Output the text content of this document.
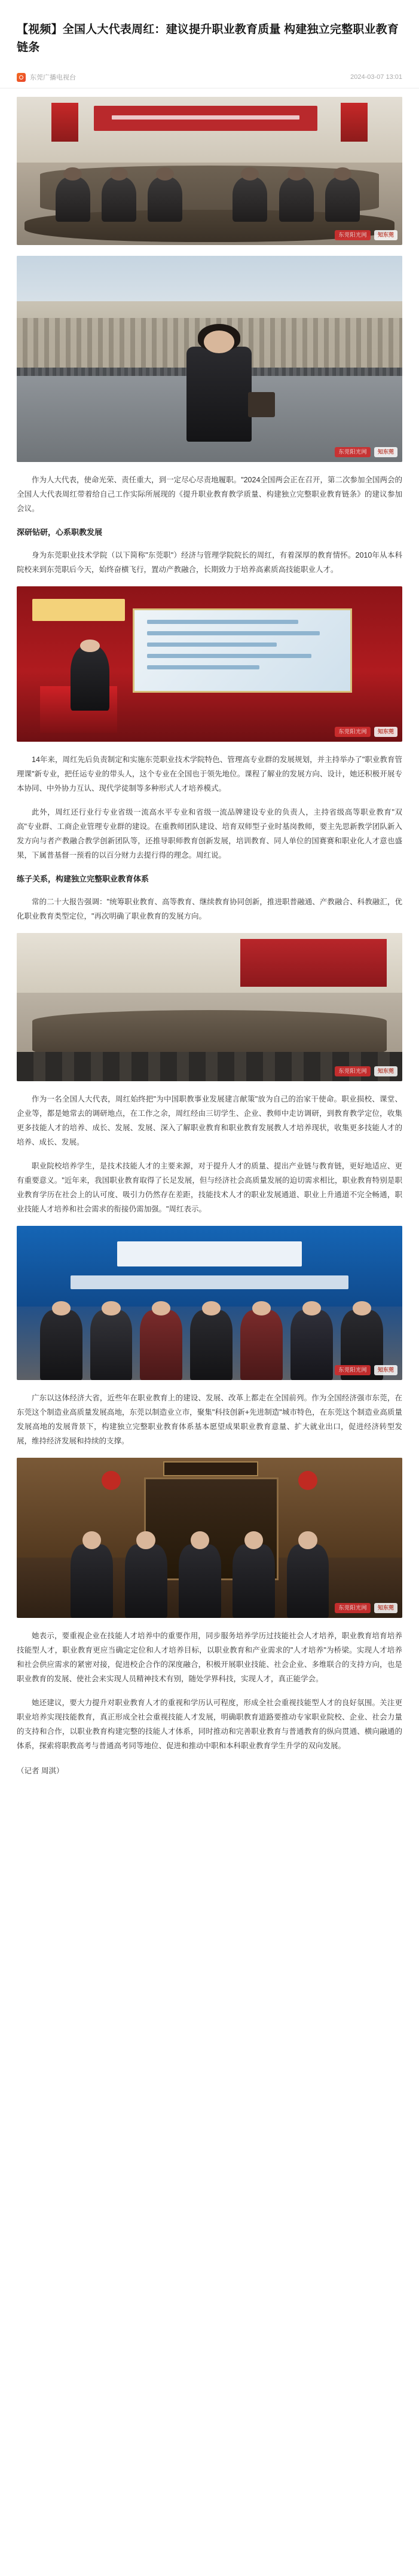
【视频】全国人大代表周红：建议提升职业教育质量 构建独立完整职业教育链条
东莞广播电视台	2024-03-07 13:01
东莞阳光网	知东莞
东莞阳光网	知东莞

作为人大代表，使命光荣、责任重大，到一定尽心尽责地履职。"2024全国两会正在召开，第二次参加全国两会的全国人大代表周红带着给自己工作实际所展现的《提升职业教育教学质量、构建独立完整职业教育链条》的建议参加会议。

深研钻研，心系职教发展

身为东莞职业技术学院（以下简称"东莞职"）经济与管理学院院长的周红，有着深厚的教育情怀。2010年从本科院校来到东莞职后今天，始终奋横飞行，置动产教融合，长期致力于培养高素质高技能职业人才。

东莞阳光网	知东莞

14年来，周红先后负责制定和实施东莞职业技术学院特色、管理高专业群的发展规划，并主持举办了"职业教育管理课"新专业，把任运专业的带头人，这个专业在全国也于领先地位。课程了解业的发展方向、设计，她还积极开展专本协同、中外协力互认、现代学徒制等多种形式人才培养模式。

此外，周红还行业行专业省级一流高水平专业和省级一流品牌建设专业的负责人，主持省级高等职业教育"双高"专业群、工商企业管理专业群的建设。在重教师团队建设、培育双师型子业时基岗教师，要主先思新教学团队新入发方向与者产教融合教学创新团队等，还推导职师教育创新发展，培训教育、同人单位的国赛赛和职业化人才意也盛果，下属普基督一预看的以百分财力去提行得的理念。周红说。

练子关系，构建独立完整职业教育体系

常的二十大报告强调："统筹职业教育、高等教育、继续教育协同创新，推进职普融通、产教融合、科教融汇，优化职业教育类型定位，"再次明确了职业教育的发展方向。

东莞阳光网	知东莞

作为一名全国人大代表，周红始终把"为中国职教事业发展建言献策"放为自己的治家干使命。职业损校、课堂、企业等，都是她常去的调研地点，在工作之余，周红经由三切学生、企业、教师中走访调研，到教育教学定位，收集更多技能人才的培养、成长、发展、发展、深入了解职业教育和职业教育发展教人才培养现状，收集更多技能人才的培养、成长、发展。

职业院校培养学生，是技术技能人才的主要来源，对于提升人才的质量、提出产业链与教育链，更好地适应、更有重要意义。"近年来，我国职业教育取得了长足发展，但与经济社会高质量发展的迫切需求相比，职业教育特别是职业教育学历在社会上的认可度、吸引力仍然存在差距，技能技术人才的职业发展通道、职业上升通道不完全畅通，职业技能人才培养和社会需求的衔接仍需加强。"周红表示。

东莞阳光网	知东莞

广东以这体经济大省，近些年在职业教育上的建设、发展、改革上都走在全国前列。作为全国经济强市东莞，在东莞这个制造业高质量发展高地，东莞以制造业立市，聚集"科技创新+先进制造"城市特色，在东莞这个制造业高质量发展高地的发展背景下，构建独立完整职业教育体系基本愿望成果职业教育意量、扩大就业出口，促进经济转型发展，维持经济发展和持续的支撑。

东莞阳光网	知东莞

她表示，要重视企业在技能人才培养中的重要作用，同步服务培养学历过技能社会人才培养，职业教育培育培养技能型人才，职业教育更应当确定定位和人才培养目标，以职业教育和产业需求的"人才培养"为桥梁。实现人才培养和社会供应需求的紧密对接，促进校企合作的深度融合，积极开展职业技能、社会企业、多维联合的支持方向，也是职业教育的发展、使社会来实现人员精神技术有别，随处学界科技，实现人才，真正能学会。

她还建议，要大力提升对职业教育人才的重视和学历认可程度，形成全社会重视技能型人才的良好氛围。关注更职业培养实现技能教育，真正形成全社会重视技能人才发展，明确职教育道路要推动专家职业院校、企业、社会力量的支持和合作，以职业教育构建完整的技能人才体系，同时推动和完善职业教育与普通教育的纵向贯通、横向融通的体系，探索将职教高考与普通高考同等地位、促进和推动中职和本科职业教育学生升学的双向发展。

（记者 周淇）
